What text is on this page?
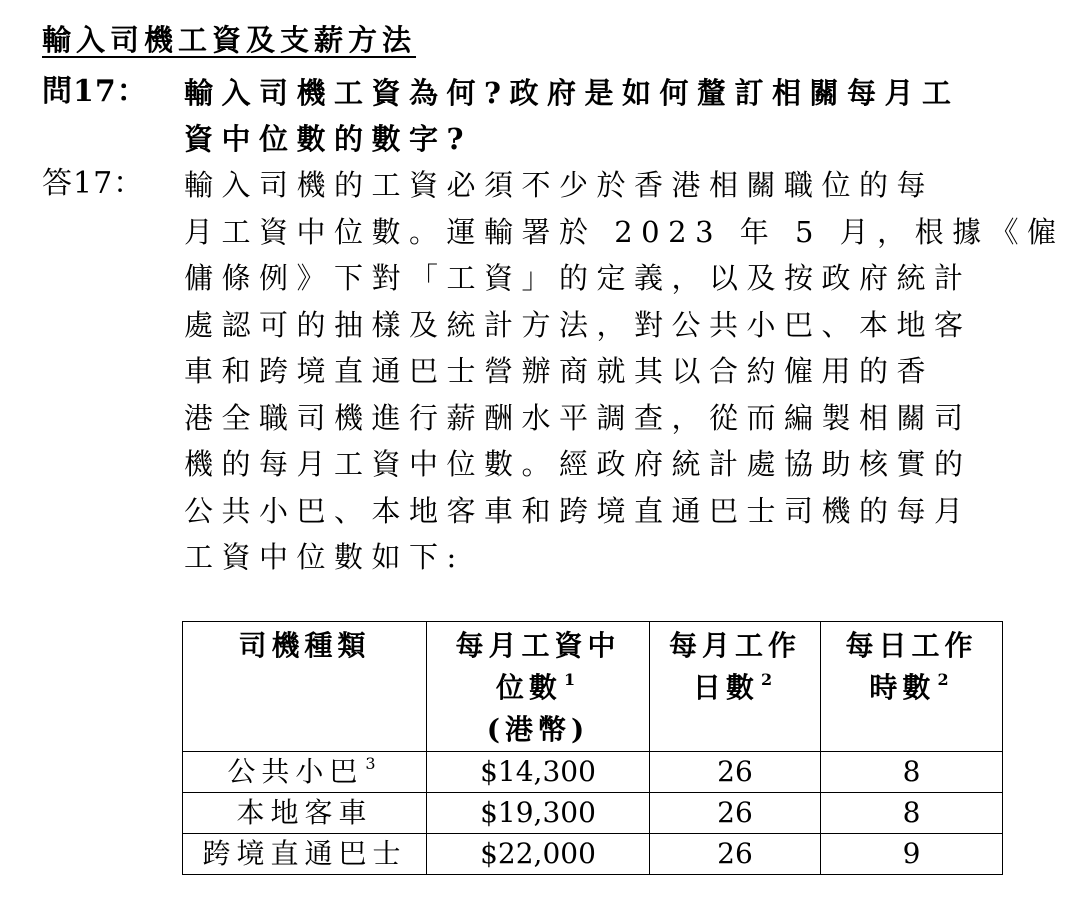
輸入司機工資及支薪方法
問17： 輸入司機工資為何?政府是如何釐訂相關每月工
資中位數的數字?
答17： 輸入司機的工資必須不少於香港相關職位的每
月工資中位數。運輸署於 2023 年 5 月，根據《僱
傭條例》下對「工資」的定義，以及按政府統計
處認可的抽樣及統計方法，對公共小巴、本地客
車和跨境直通巴士營辦商就其以合約僱用的香
港全職司機進行薪酬水平調查，從而編製相關司
機的每月工資中位數。經政府統計處協助核實的
公共小巴、本地客車和跨境直通巴士司機的每月
工資中位數如下:
司機種類	每月工資中
位數 $^1$
(港幣)	每月工作
日數 $^2$	每日工作
時數 $^2$
公共小巴 $^3$	$14,300	26	8
本地客車	$19,300	26	8
跨境直通巴士	$22,000	26	9
